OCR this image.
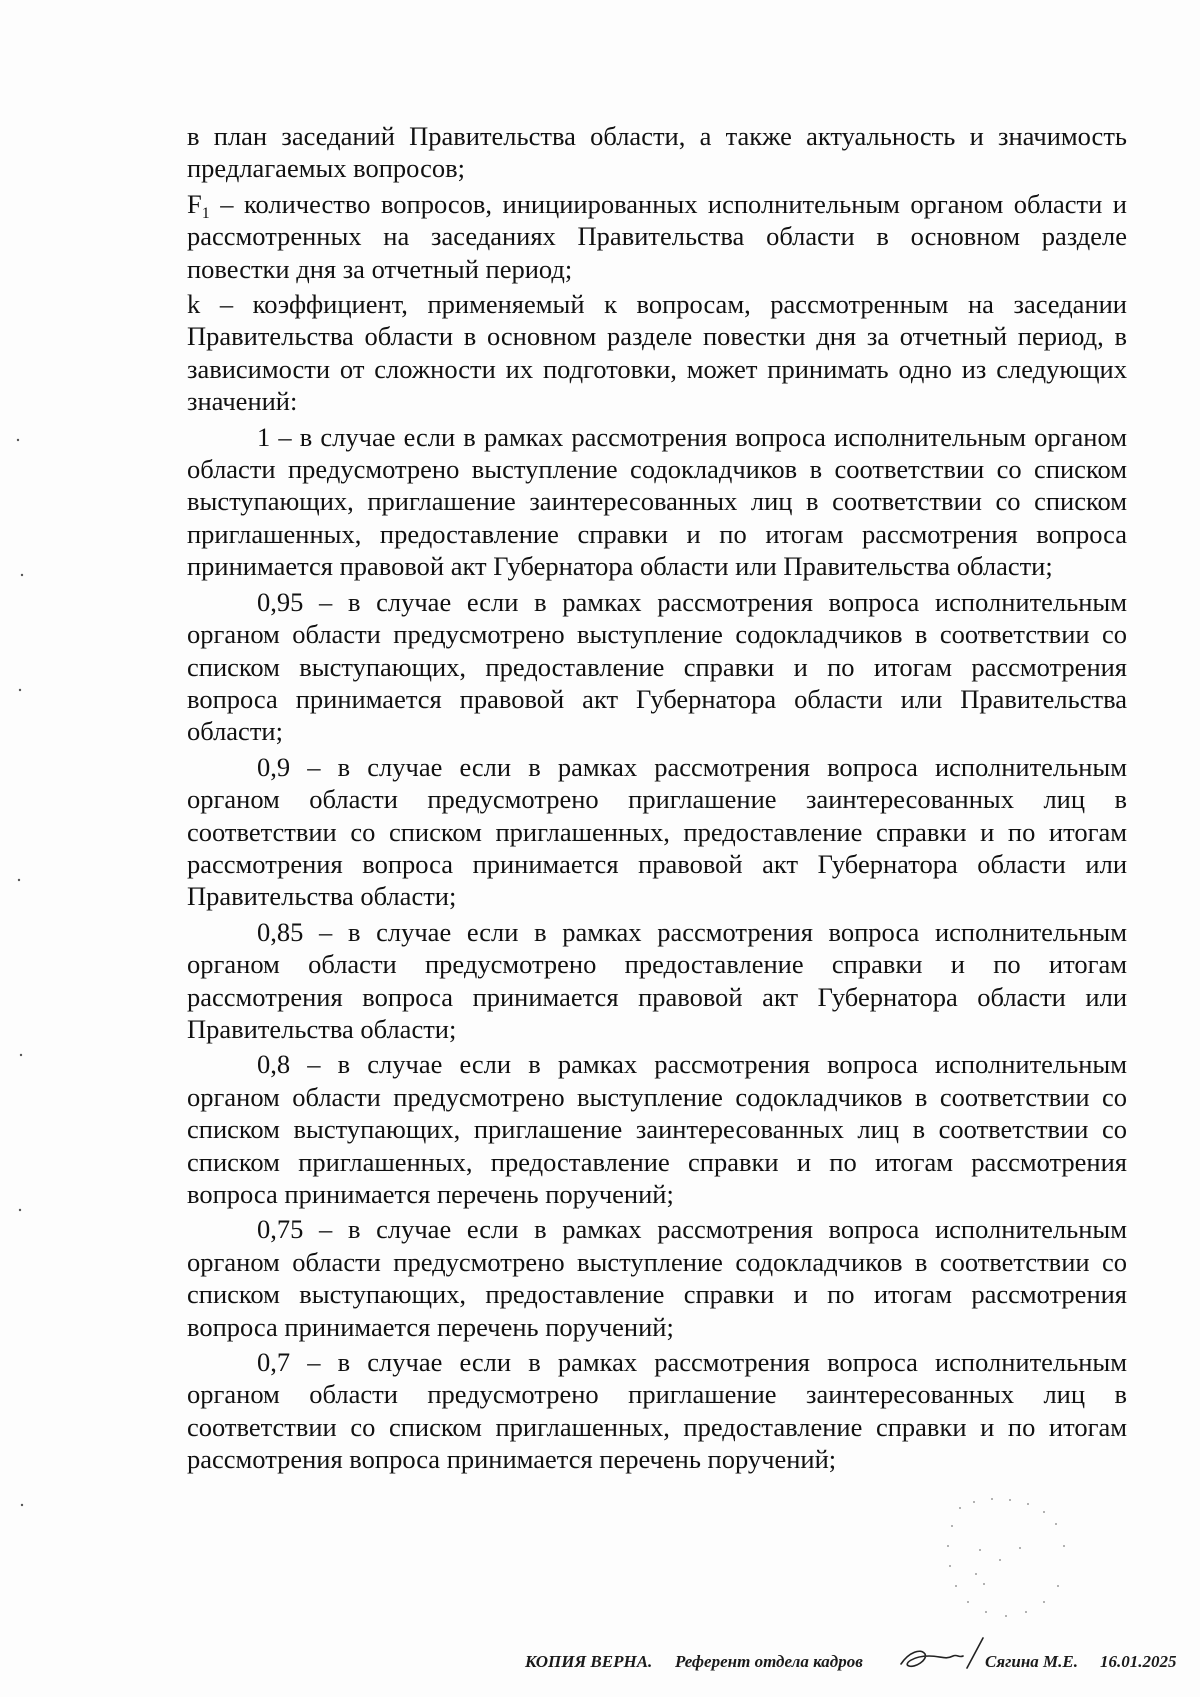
в план заседаний Правительства области, а также актуальность и значимость предлагаемых вопросов;

$F_1$ – количество вопросов, инициированных исполнительным органом области и рассмотренных на заседаниях Правительства области в основном разделе повестки дня за отчетный период;

k – коэффициент, применяемый к вопросам, рассмотренным на заседании Правительства области в основном разделе повестки дня за отчетный период, в зависимости от сложности их подготовки, может принимать одно из следующих значений:

1 – в случае если в рамках рассмотрения вопроса исполнительным органом области предусмотрено выступление содокладчиков в соответствии со списком выступающих, приглашение заинтересованных лиц в соответствии со списком приглашенных, предоставление справки и по итогам рассмотрения вопроса принимается правовой акт Губернатора области или Правительства области;

0,95 – в случае если в рамках рассмотрения вопроса исполнительным органом области предусмотрено выступление содокладчиков в соответствии со списком выступающих, предоставление справки и по итогам рассмотрения вопроса принимается правовой акт Губернатора области или Правительства области;

0,9 – в случае если в рамках рассмотрения вопроса исполнительным органом области предусмотрено приглашение заинтересованных лиц в соответствии со списком приглашенных, предоставление справки и по итогам рассмотрения вопроса принимается правовой акт Губернатора области или Правительства области;

0,85 – в случае если в рамках рассмотрения вопроса исполнительным органом области предусмотрено предоставление справки и по итогам рассмотрения вопроса принимается правовой акт Губернатора области или Правительства области;

0,8 – в случае если в рамках рассмотрения вопроса исполнительным органом области предусмотрено выступление содокладчиков в соответствии со списком выступающих, приглашение заинтересованных лиц в соответствии со списком приглашенных, предоставление справки и по итогам рассмотрения вопроса принимается перечень поручений;

0,75 – в случае если в рамках рассмотрения вопроса исполнительным органом области предусмотрено выступление содокладчиков в соответствии со списком выступающих, предоставление справки и по итогам рассмотрения вопроса принимается перечень поручений;

0,7 – в случае если в рамках рассмотрения вопроса исполнительным органом области предусмотрено приглашение заинтересованных лиц в соответствии со списком приглашенных, предоставление справки и по итогам рассмотрения вопроса принимается перечень поручений;

КОПИЯ ВЕРНА. Референт отдела кадров	Сягина М.Е. 16.01.2025
